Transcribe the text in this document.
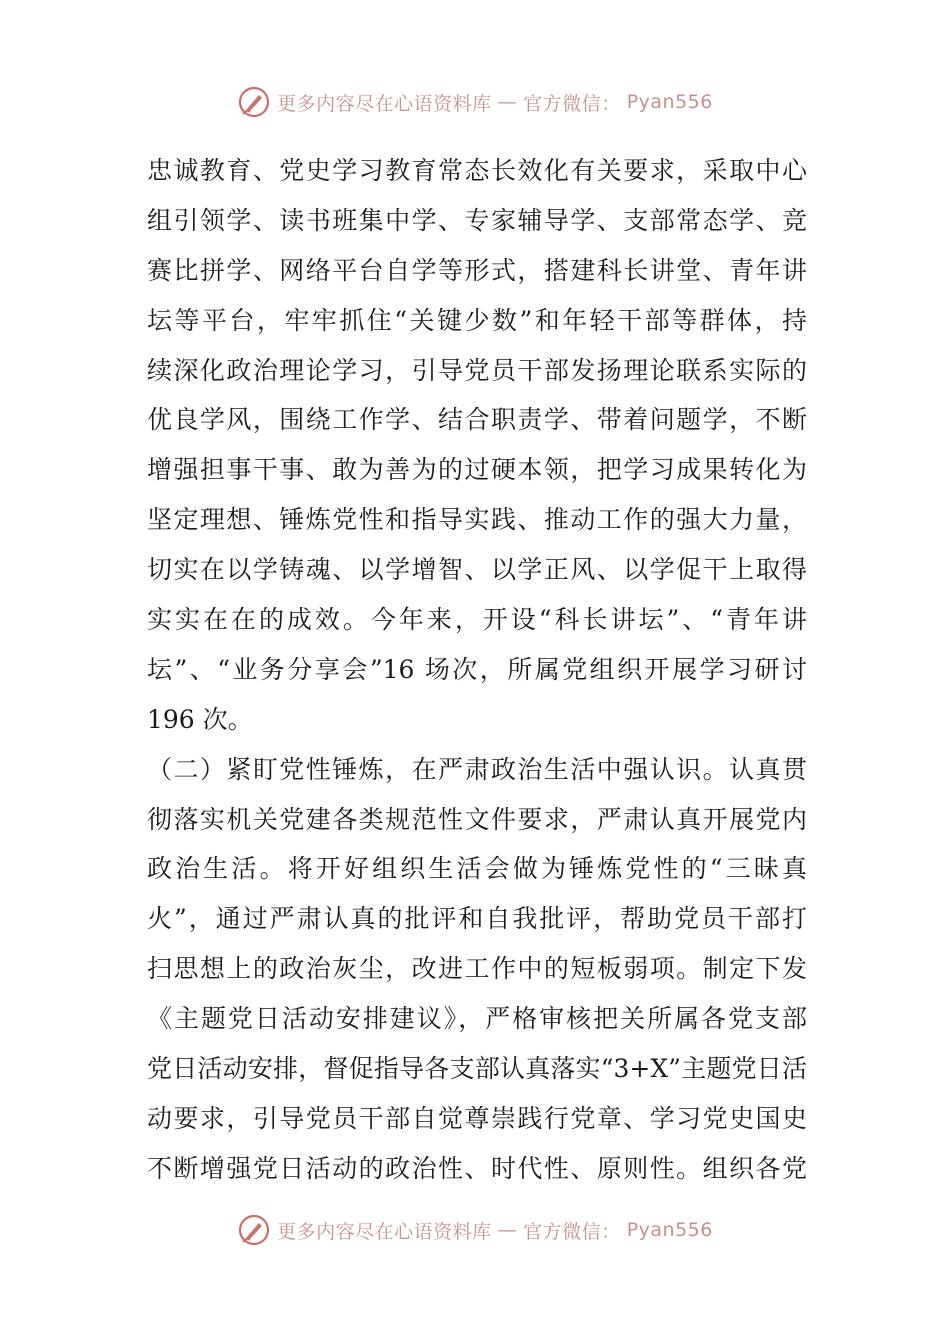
更多内容尽在心语资料库 — 官方微信： Pyan556
忠诚教育、党史学习教育常态长效化有关要求，采取中心
组引领学、读书班集中学、专家辅导学、支部常态学、竞
赛比拼学、网络平台自学等形式，搭建科长讲堂、青年讲
坛等平台，牢牢抓住“关键少数”和年轻干部等群体，持
续深化政治理论学习，引导党员干部发扬理论联系实际的
优良学风，围绕工作学、结合职责学、带着问题学，不断
增强担事干事、敢为善为的过硬本领，把学习成果转化为
坚定理想、锤炼党性和指导实践、推动工作的强大力量，
切实在以学铸魂、以学增智、以学正风、以学促干上取得
实实在在的成效。今年来，开设“科长讲坛”、“青年讲
坛”、“业务分享会”16 场次，所属党组织开展学习研讨
196 次。
（二）紧盯党性锤炼，在严肃政治生活中强认识。认真贯
彻落实机关党建各类规范性文件要求，严肃认真开展党内
政治生活。将开好组织生活会做为锤炼党性的“三昧真
火”，通过严肃认真的批评和自我批评，帮助党员干部打
扫思想上的政治灰尘，改进工作中的短板弱项。制定下发
《主题党日活动安排建议》，严格审核把关所属各党支部
党日活动安排，督促指导各支部认真落实“3+X”主题党日活
动要求，引导党员干部自觉尊崇践行党章、学习党史国史
不断增强党日活动的政治性、时代性、原则性。组织各党
更多内容尽在心语资料库 — 官方微信： Pyan556
